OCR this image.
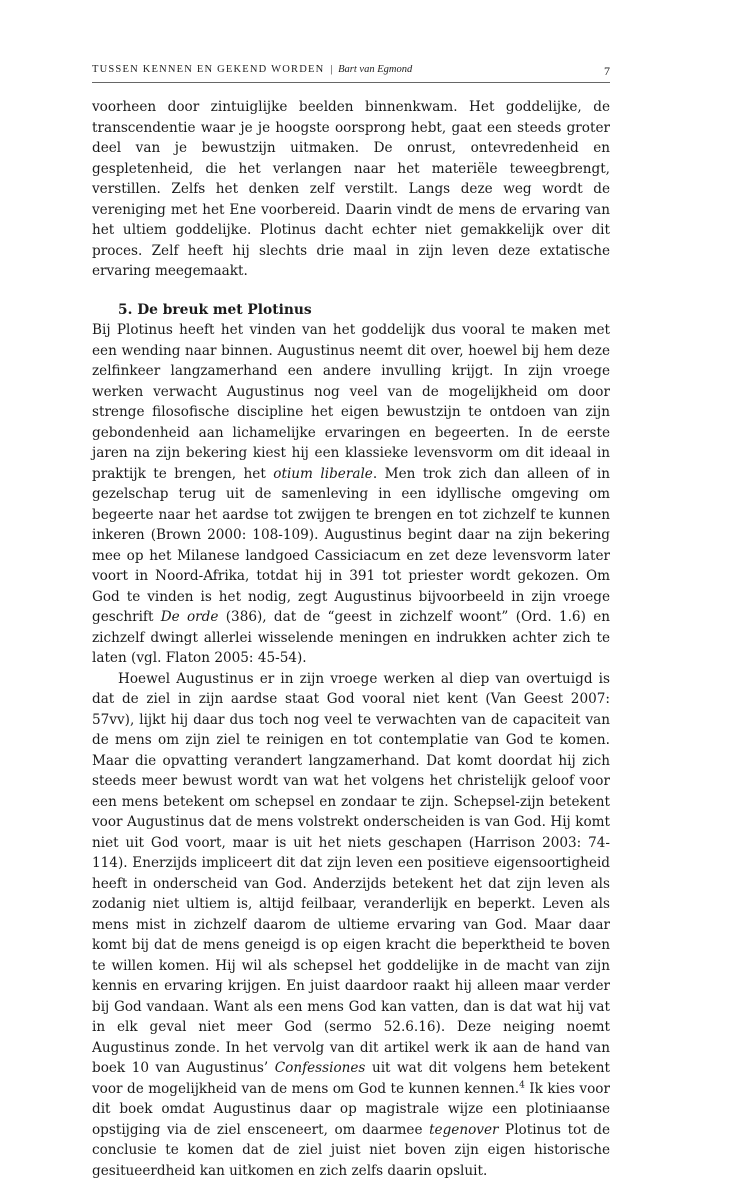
TUSSEN KENNEN EN GEKEND WORDEN | Bart van Egmond	7

voorheen door zintuiglijke beelden binnenkwam. Het goddelijke, de transcendentie waar je je hoogste oorsprong hebt, gaat een steeds groter deel van je bewustzijn uitmaken. De onrust, ontevredenheid en gespletenheid, die het verlangen naar het materiële teweegbrengt, verstillen. Zelfs het denken zelf verstilt. Langs deze weg wordt de vereniging met het Ene voorbereid. Daarin vindt de mens de ervaring van het ultiem goddelijke. Plotinus dacht echter niet gemakkelijk over dit proces. Zelf heeft hij slechts drie maal in zijn leven deze extatische ervaring meegemaakt.

5. De breuk met Plotinus

Bij Plotinus heeft het vinden van het goddelijk dus vooral te maken met een wending naar binnen. Augustinus neemt dit over, hoewel bij hem deze zelfinkeer langzamerhand een andere invulling krijgt. In zijn vroege werken verwacht Augustinus nog veel van de mogelijkheid om door strenge filosofische discipline het eigen bewustzijn te ontdoen van zijn gebondenheid aan lichamelijke ervaringen en begeerten. In de eerste jaren na zijn bekering kiest hij een klassieke levensvorm om dit ideaal in praktijk te brengen, het otium liberale. Men trok zich dan alleen of in gezelschap terug uit de samenleving in een idyllische omgeving om begeerte naar het aardse tot zwijgen te brengen en tot zichzelf te kunnen inkeren (Brown 2000: 108-109). Augustinus begint daar na zijn bekering mee op het Milanese landgoed Cassiciacum en zet deze levensvorm later voort in Noord-Afrika, totdat hij in 391 tot priester wordt gekozen. Om God te vinden is het nodig, zegt Augustinus bijvoorbeeld in zijn vroege geschrift De orde (386), dat de “geest in zichzelf woont” (Ord. 1.6) en zichzelf dwingt allerlei wisselende meningen en indrukken achter zich te laten (vgl. Flaton 2005: 45-54).

Hoewel Augustinus er in zijn vroege werken al diep van overtuigd is dat de ziel in zijn aardse staat God vooral niet kent (Van Geest 2007: 57vv), lijkt hij daar dus toch nog veel te verwachten van de capaciteit van de mens om zijn ziel te reinigen en tot contemplatie van God te komen. Maar die opvatting verandert langzamerhand. Dat komt doordat hij zich steeds meer bewust wordt van wat het volgens het christelijk geloof voor een mens betekent om schepsel en zondaar te zijn. Schepsel-zijn betekent voor Augustinus dat de mens volstrekt onderscheiden is van God. Hij komt niet uit God voort, maar is uit het niets geschapen (Harrison 2003: 74-114). Enerzijds impliceert dit dat zijn leven een positieve eigensoortigheid heeft in onderscheid van God. Anderzijds betekent het dat zijn leven als zodanig niet ultiem is, altijd feilbaar, veranderlijk en beperkt. Leven als mens mist in zichzelf daarom de ultieme ervaring van God. Maar daar komt bij dat de mens geneigd is op eigen kracht die beperktheid te boven te willen komen. Hij wil als schepsel het goddelijke in de macht van zijn kennis en ervaring krijgen. En juist daardoor raakt hij alleen maar verder bij God vandaan. Want als een mens God kan vatten, dan is dat wat hij vat in elk geval niet meer God (sermo 52.6.16). Deze neiging noemt Augustinus zonde. In het vervolg van dit artikel werk ik aan de hand van boek 10 van Augustinus’ Confessiones uit wat dit volgens hem betekent voor de mogelijkheid van de mens om God te kunnen kennen.$^4$ Ik kies voor dit boek omdat Augustinus daar op magistrale wijze een plotiniaanse opstijging via de ziel ensceneert, om daarmee tegenover Plotinus tot de conclusie te komen dat de ziel juist niet boven zijn eigen historische gesitueerdheid kan uitkomen en zich zelfs daarin opsluit.
